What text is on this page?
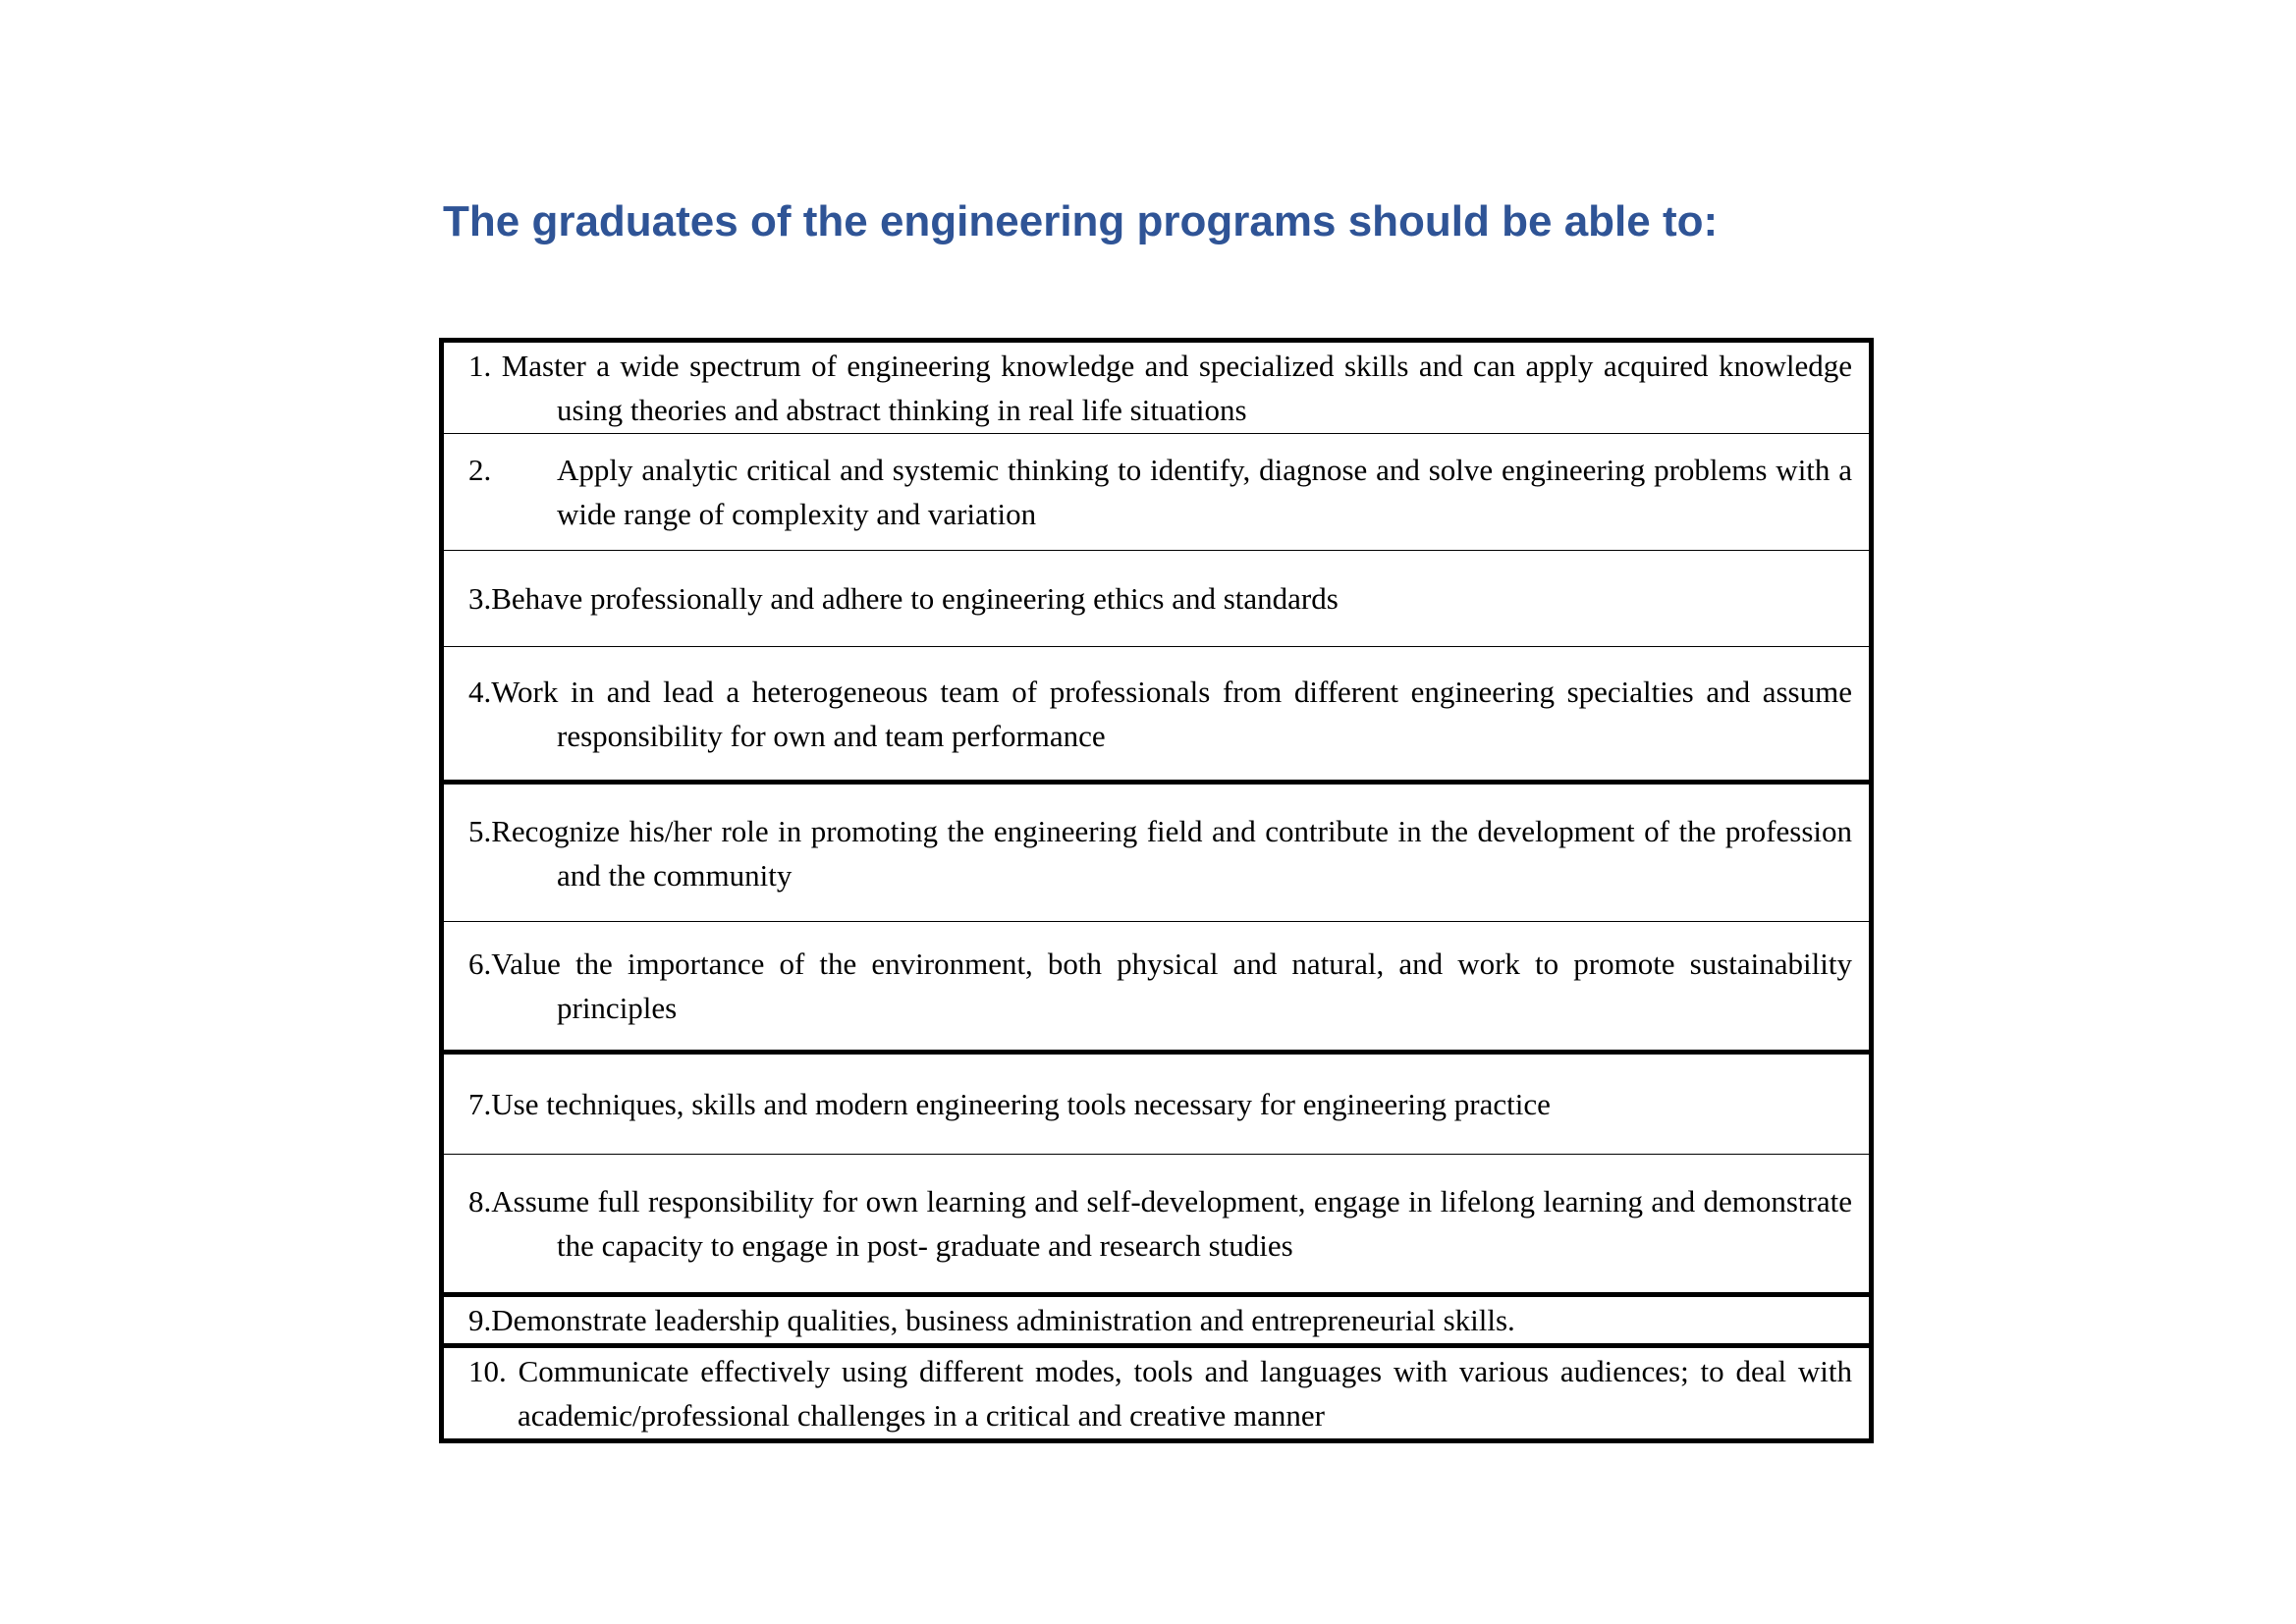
The graduates of the engineering programs should be able to:

1. Master a wide spectrum of engineering knowledge and specialized skills and can apply acquired knowledge using theories and abstract thinking in real life situations

2. Apply analytic critical and systemic thinking to identify, diagnose and solve engineering problems with a wide range of complexity and variation

3.Behave professionally and adhere to engineering ethics and standards

4.Work in and lead a heterogeneous team of professionals from different engineering specialties and assume responsibility for own and team performance

5.Recognize his/her role in promoting the engineering field and contribute in the development of the profession and the community

6.Value the importance of the environment, both physical and natural, and work to promote sustainability principles

7.Use techniques, skills and modern engineering tools necessary for engineering practice

8.Assume full responsibility for own learning and self-development, engage in lifelong learning and demonstrate the capacity to engage in post- graduate and research studies

9.Demonstrate leadership qualities, business administration and entrepreneurial skills.

10. Communicate effectively using different modes, tools and languages with various audiences; to deal with academic/professional challenges in a critical and creative manner
